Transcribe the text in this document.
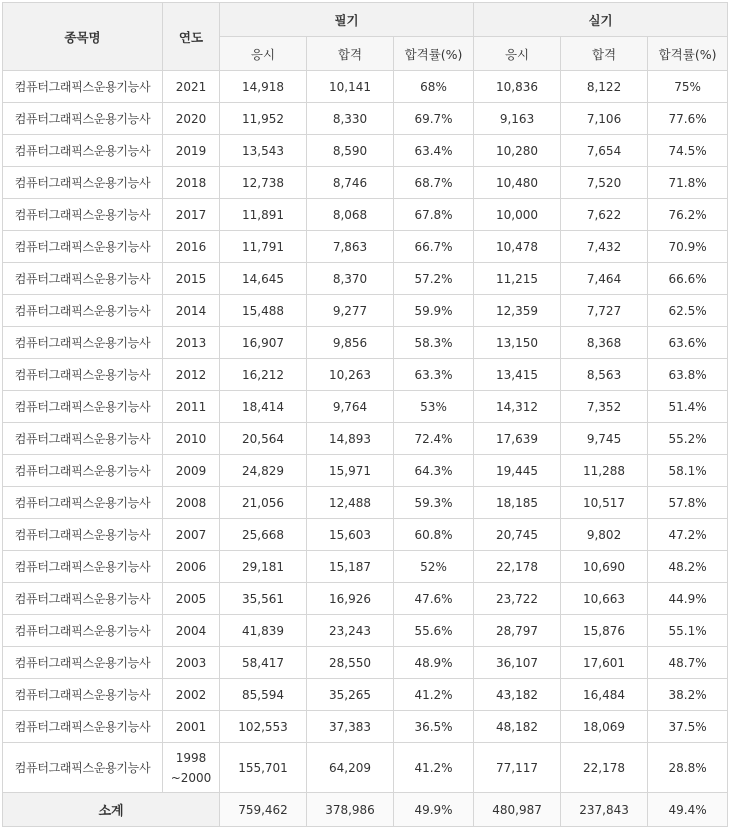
종목명	연도	필기			실기		
		응시	합격	합격률(%)	응시	합격	합격률(%)
컴퓨터그래픽스운용기능사	2021	14,918	10,141	68%	10,836	8,122	75%
컴퓨터그래픽스운용기능사	2020	11,952	8,330	69.7%	9,163	7,106	77.6%
컴퓨터그래픽스운용기능사	2019	13,543	8,590	63.4%	10,280	7,654	74.5%
컴퓨터그래픽스운용기능사	2018	12,738	8,746	68.7%	10,480	7,520	71.8%
컴퓨터그래픽스운용기능사	2017	11,891	8,068	67.8%	10,000	7,622	76.2%
컴퓨터그래픽스운용기능사	2016	11,791	7,863	66.7%	10,478	7,432	70.9%
컴퓨터그래픽스운용기능사	2015	14,645	8,370	57.2%	11,215	7,464	66.6%
컴퓨터그래픽스운용기능사	2014	15,488	9,277	59.9%	12,359	7,727	62.5%
컴퓨터그래픽스운용기능사	2013	16,907	9,856	58.3%	13,150	8,368	63.6%
컴퓨터그래픽스운용기능사	2012	16,212	10,263	63.3%	13,415	8,563	63.8%
컴퓨터그래픽스운용기능사	2011	18,414	9,764	53%	14,312	7,352	51.4%
컴퓨터그래픽스운용기능사	2010	20,564	14,893	72.4%	17,639	9,745	55.2%
컴퓨터그래픽스운용기능사	2009	24,829	15,971	64.3%	19,445	11,288	58.1%
컴퓨터그래픽스운용기능사	2008	21,056	12,488	59.3%	18,185	10,517	57.8%
컴퓨터그래픽스운용기능사	2007	25,668	15,603	60.8%	20,745	9,802	47.2%
컴퓨터그래픽스운용기능사	2006	29,181	15,187	52%	22,178	10,690	48.2%
컴퓨터그래픽스운용기능사	2005	35,561	16,926	47.6%	23,722	10,663	44.9%
컴퓨터그래픽스운용기능사	2004	41,839	23,243	55.6%	28,797	15,876	55.1%
컴퓨터그래픽스운용기능사	2003	58,417	28,550	48.9%	36,107	17,601	48.7%
컴퓨터그래픽스운용기능사	2002	85,594	35,265	41.2%	43,182	16,484	38.2%
컴퓨터그래픽스운용기능사	2001	102,553	37,383	36.5%	48,182	18,069	37.5%
컴퓨터그래픽스운용기능사	1998 ~2000	155,701	64,209	41.2%	77,117	22,178	28.8%
소계		759,462	378,986	49.9%	480,987	237,843	49.4%
